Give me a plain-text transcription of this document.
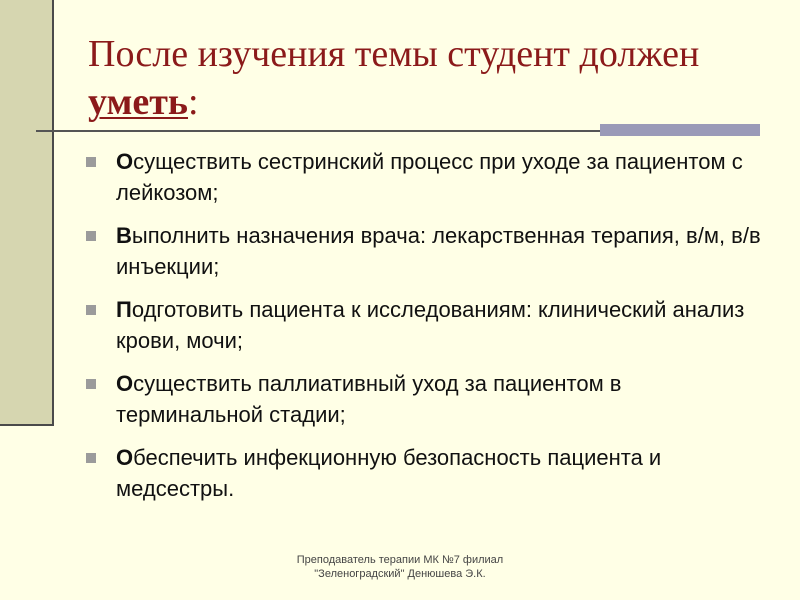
После изучения темы студент должен уметь:
Осуществить сестринский процесс при уходе за пациентом с лейкозом;
Выполнить назначения врача: лекарственная терапия, в/м, в/в инъекции;
Подготовить пациента к исследованиям: клинический анализ крови, мочи;
Осуществить паллиативный уход за пациентом в терминальной стадии;
Обеспечить инфекционную безопасность пациента и медсестры.
Преподаватель терапии МК №7 филиал
"Зеленоградский" Денюшева Э.К.
